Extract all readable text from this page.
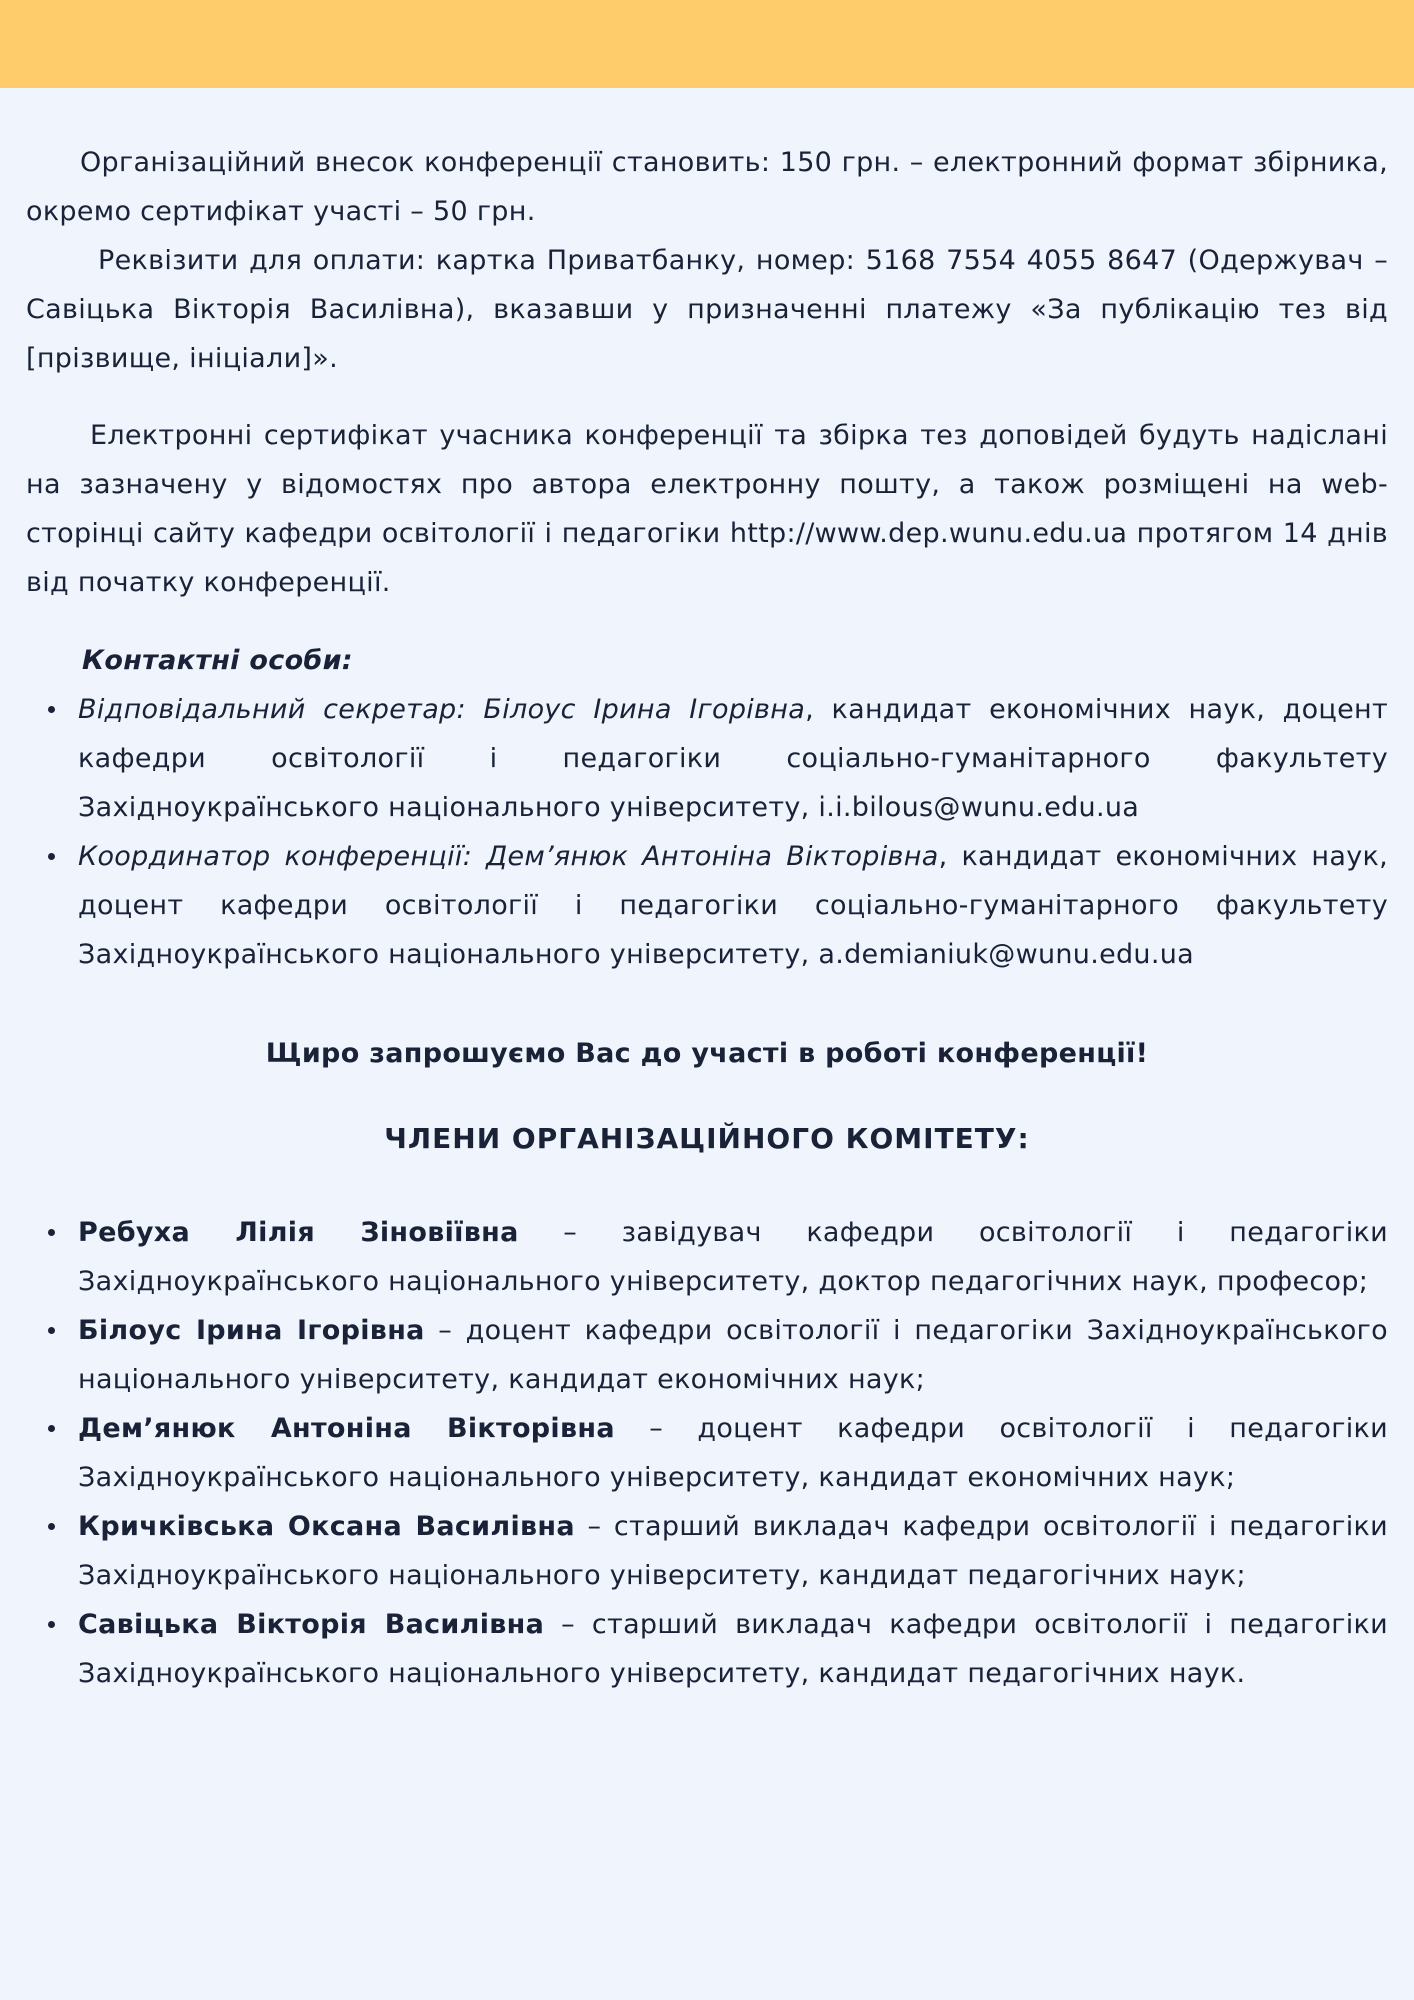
Організаційний внесок конференції становить: 150 грн. – електронний формат збірника, окремо сертифікат участі – 50 грн.

Реквізити для оплати: картка Приватбанку, номер: 5168 7554 4055 8647 (Одержувач – Савіцька Вікторія Василівна), вказавши у призначенні платежу «За публікацію тез від [прізвище, ініціали]».

Електронні сертифікат учасника конференції та збірка тез доповідей будуть надіслані на зазначену у відомостях про автора електронну пошту, а також розміщені на web-сторінці сайту кафедри освітології і педагогіки http://www.dep.wunu.edu.ua протягом 14 днів від початку конференції.

Контактні особи:

Відповідальний секретар: Білоус Ірина Ігорівна, кандидат економічних наук, доцент кафедри освітології і педагогіки соціально-гуманітарного факультету Західноукраїнського національного університету, i.i.bilous@wunu.edu.ua
Координатор конференції: Дем’янюк Антоніна Вікторівна, кандидат економічних наук, доцент кафедри освітології і педагогіки соціально-гуманітарного факультету Західноукраїнського національного університету, a.demianiuk@wunu.edu.ua

Щиро запрошуємо Вас до участі в роботі конференції!

ЧЛЕНИ ОРГАНІЗАЦІЙНОГО КОМІТЕТУ:

Ребуха Лілія Зіновіївна – завідувач кафедри освітології і педагогіки Західноукраїнського національного університету, доктор педагогічних наук, професор;
Білоус Ірина Ігорівна – доцент кафедри освітології і педагогіки Західноукраїнського національного університету, кандидат економічних наук;
Дем’янюк Антоніна Вікторівна – доцент кафедри освітології і педагогіки Західноукраїнського національного університету, кандидат економічних наук;
Кричківська Оксана Василівна – старший викладач кафедри освітології і педагогіки Західноукраїнського національного університету, кандидат педагогічних наук;
Савіцька Вікторія Василівна – старший викладач кафедри освітології і педагогіки Західноукраїнського національного університету, кандидат педагогічних наук.
